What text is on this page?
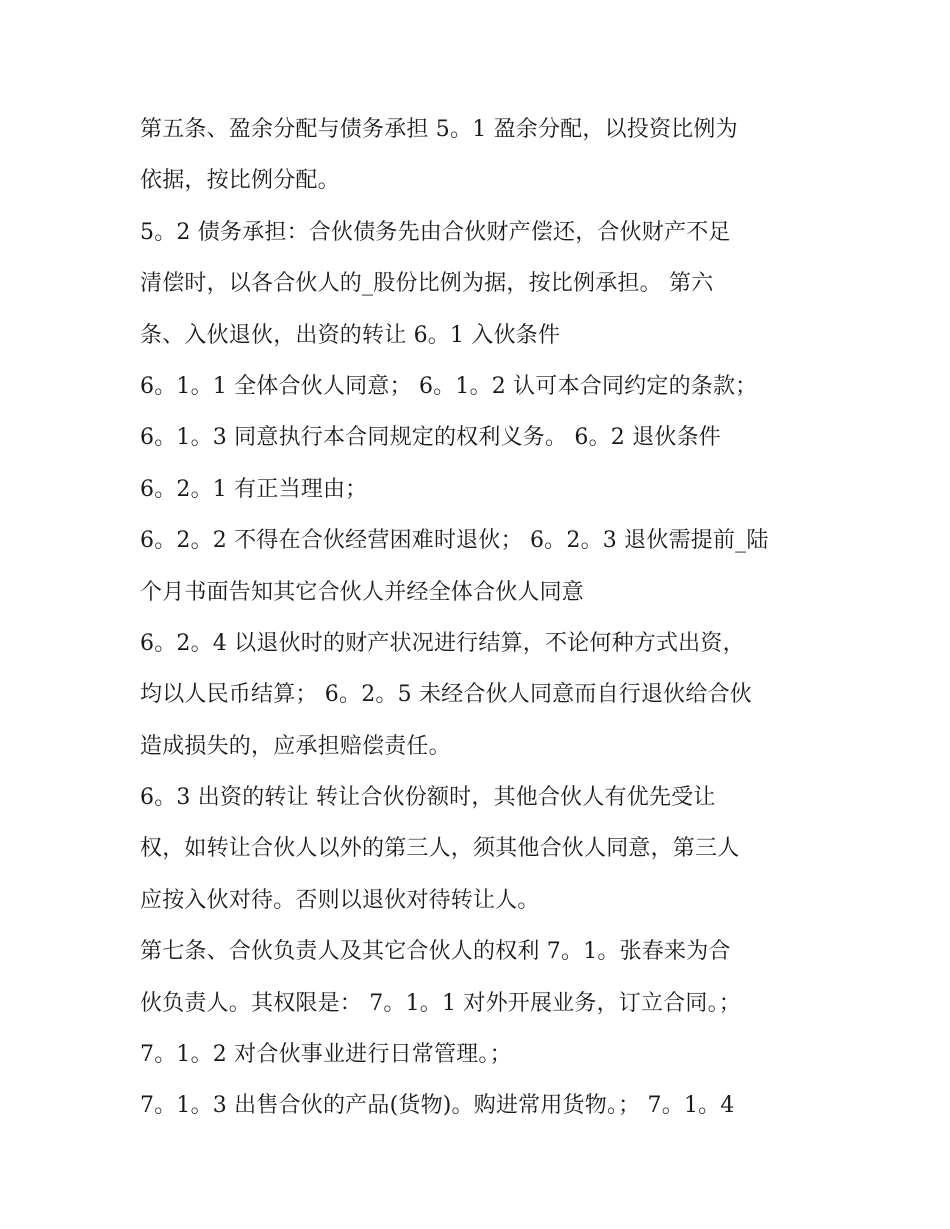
第五条、盈余分配与债务承担 5。1 盈余分配，以投资比例为
依据，按比例分配。
5。2 债务承担：合伙债务先由合伙财产偿还，合伙财产不足
清偿时，以各合伙人的_股份比例为据，按比例承担。 第六
条、入伙退伙，出资的转让 6。1 入伙条件
6。1。1 全体合伙人同意； 6。1。2 认可本合同约定的条款；
6。1。3 同意执行本合同规定的权利义务。 6。2 退伙条件
6。2。1 有正当理由；
6。2。2 不得在合伙经营困难时退伙； 6。2。3 退伙需提前_陆
个月书面告知其它合伙人并经全体合伙人同意
6。2。4 以退伙时的财产状况进行结算，不论何种方式出资，
均以人民币结算； 6。2。5 未经合伙人同意而自行退伙给合伙
造成损失的，应承担赔偿责任。
6。3 出资的转让 转让合伙份额时，其他合伙人有优先受让
权，如转让合伙人以外的第三人，须其他合伙人同意，第三人
应按入伙对待。否则以退伙对待转让人。
第七条、合伙负责人及其它合伙人的权利 7。1。张春来为合
伙负责人。其权限是： 7。1。1 对外开展业务，订立合同。；
7。1。2 对合伙事业进行日常管理。；
7。1。3 出售合伙的产品(货物)。购进常用货物。； 7。1。4
